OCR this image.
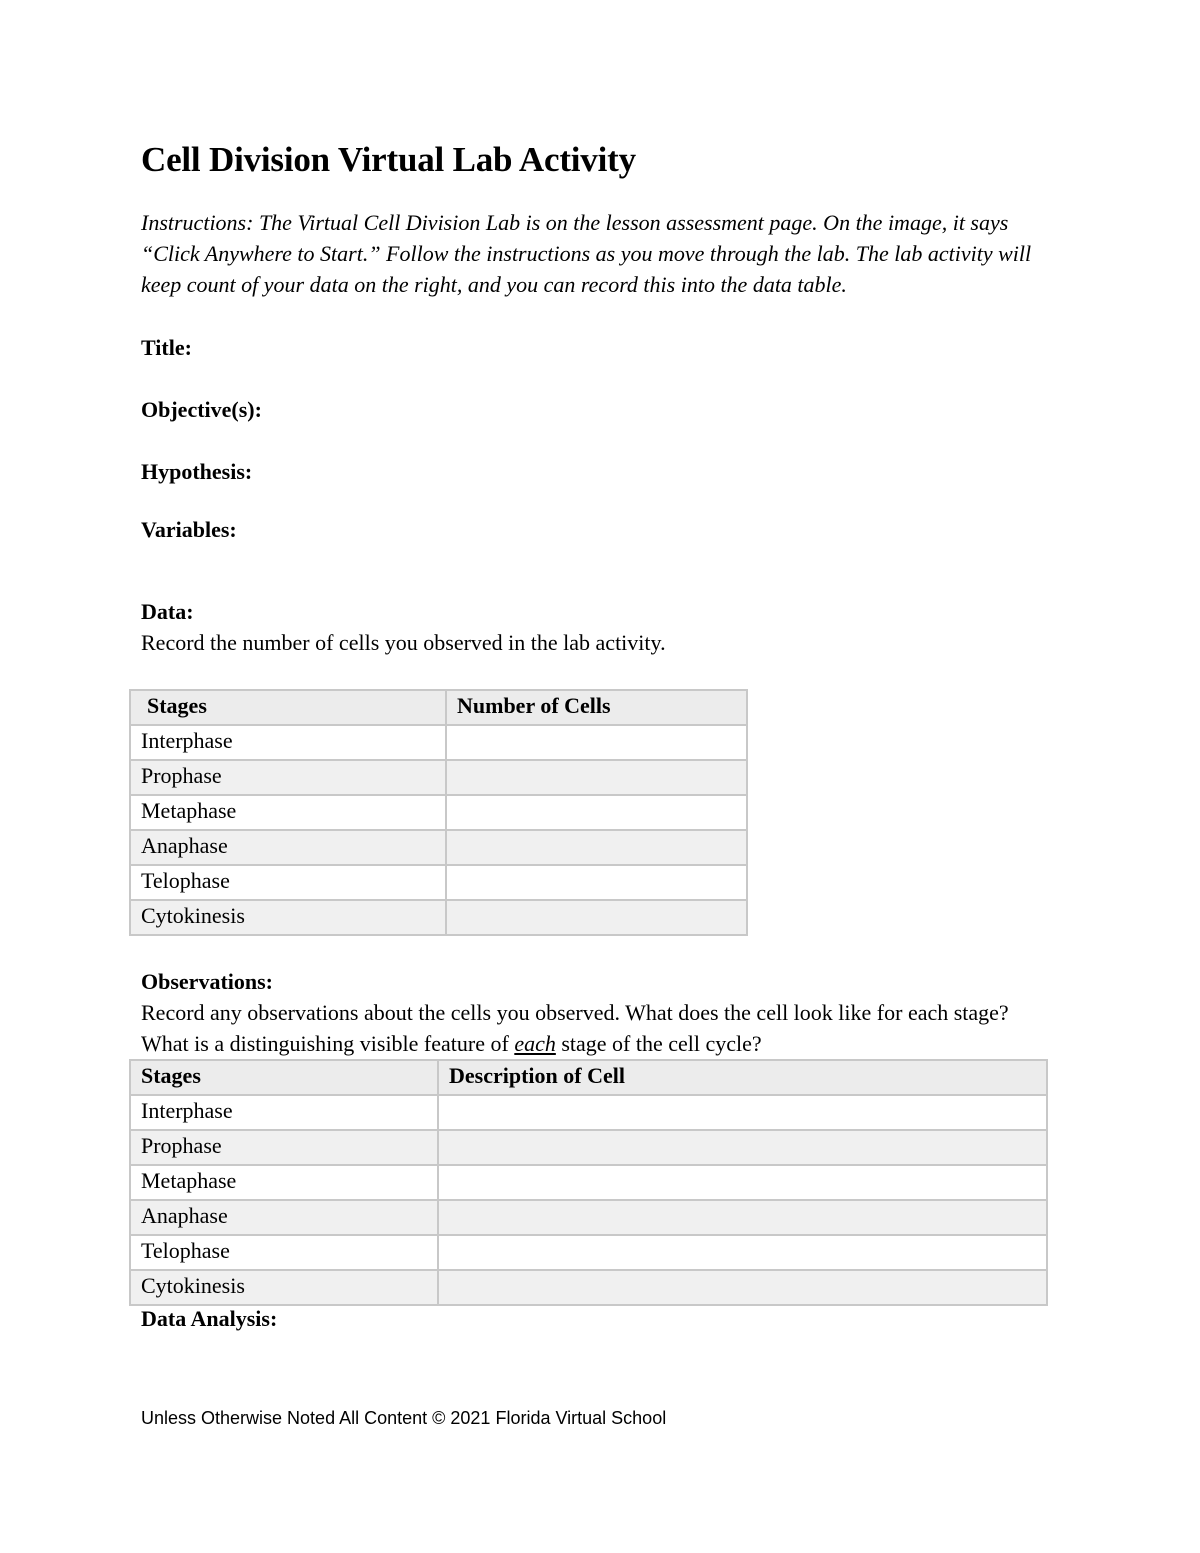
Cell Division Virtual Lab Activity
Instructions: The Virtual Cell Division Lab is on the lesson assessment page. On the image, it says “Click Anywhere to Start.” Follow the instructions as you move through the lab. The lab activity will keep count of your data on the right, and you can record this into the data table.
Title:
Objective(s):
Hypothesis:
Variables:
Data:
Record the number of cells you observed in the lab activity.
Stages	Number of Cells
Interphase	
Prophase	
Metaphase	
Anaphase	
Telophase	
Cytokinesis	
Observations:
Record any observations about the cells you observed. What does the cell look like for each stage? What is a distinguishing visible feature of each stage of the cell cycle?
Stages	Description of Cell
Interphase	
Prophase	
Metaphase	
Anaphase	
Telophase	
Cytokinesis	
Data Analysis:
Unless Otherwise Noted All Content © 2021 Florida Virtual School
